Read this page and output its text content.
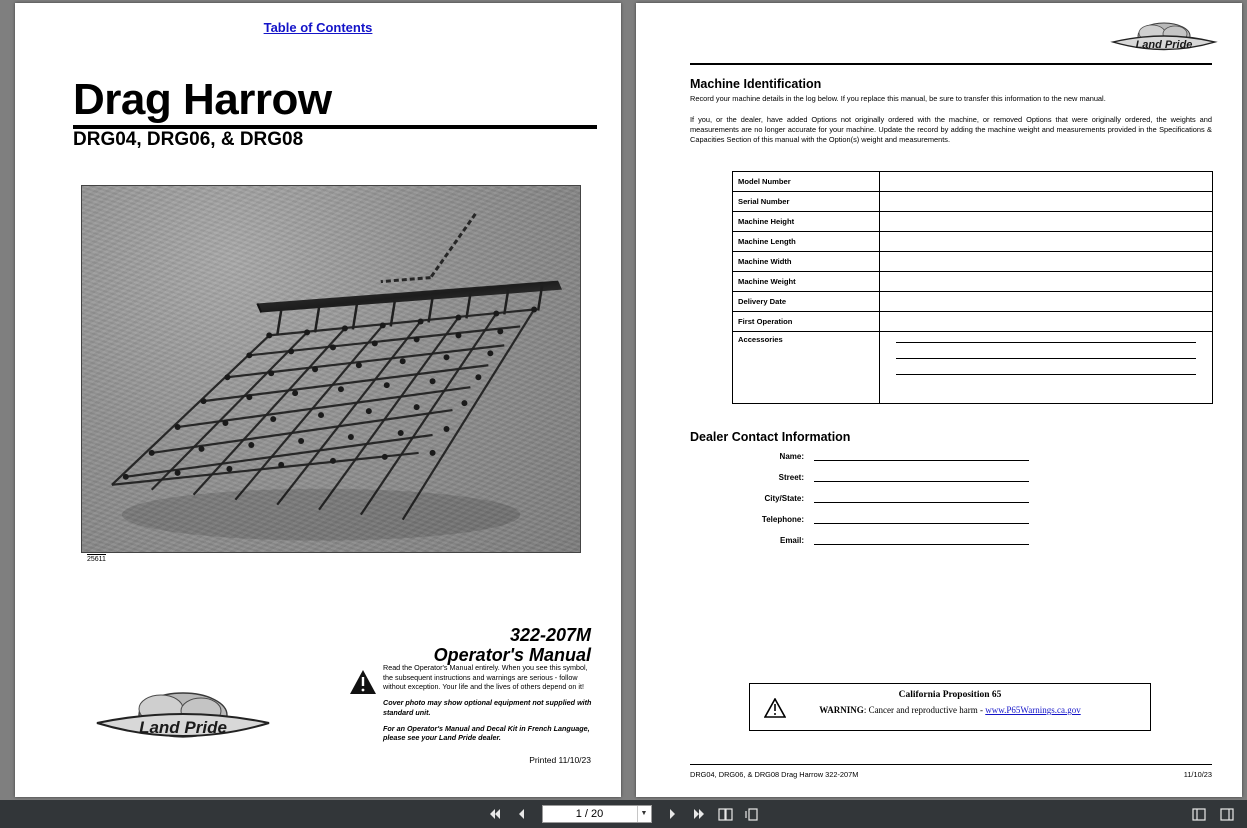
Table of Contents
Drag Harrow
DRG04, DRG06, & DRG08
25611
322-207M
Operator's Manual
Land Pride
Read the Operator's Manual entirely. When you see this symbol, the subsequent instructions and warnings are serious - follow without exception. Your life and the lives of others depend on it!
Cover photo may show optional equipment not supplied with standard unit.
For an Operator's Manual and Decal Kit in French Language, please see your Land Pride dealer.
Printed 11/10/23
Land Pride
Machine Identification
Record your machine details in the log below. If you replace this manual, be sure to transfer this information to the new manual.
If you, or the dealer, have added Options not originally ordered with the machine, or removed Options that were originally ordered, the weights and measurements are no longer accurate for your machine. Update the record by adding the machine weight and measurements provided in the Specifications & Capacities Section of this manual with the Option(s) weight and measurements.
Model Number	
Serial Number	
Machine Height	
Machine Length	
Machine Width	
Machine Weight	
Delivery Date	
First Operation	
Accessories	
Dealer Contact Information
Name:
Street:
City/State:
Telephone:
Email:
California Proposition 65
WARNING: Cancer and reproductive harm - www.P65Warnings.ca.gov
DRG04, DRG06, & DRG08 Drag Harrow 322-207M	11/10/23
1 / 20
▼
